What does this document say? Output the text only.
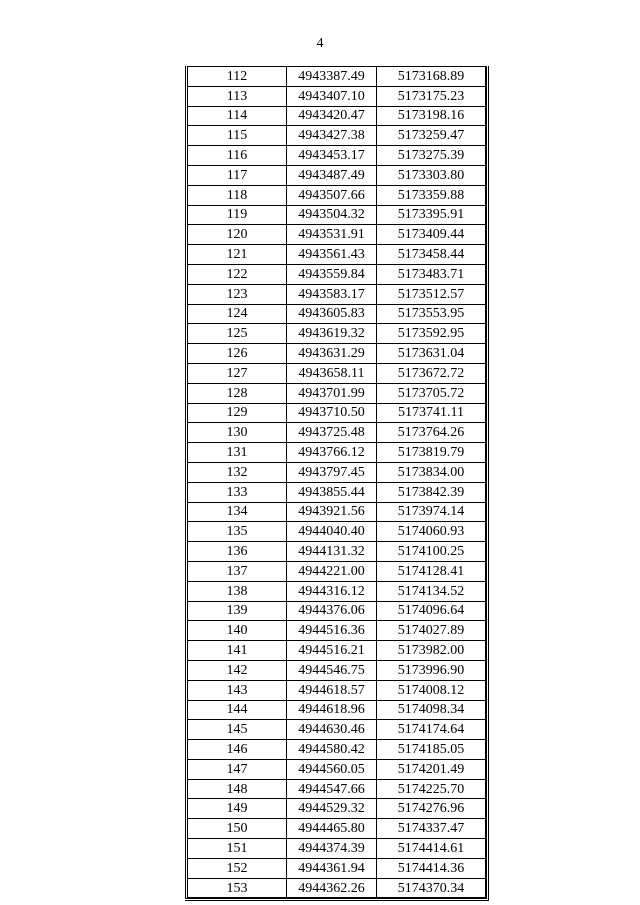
4
112	4943387.49	5173168.89
113	4943407.10	5173175.23
114	4943420.47	5173198.16
115	4943427.38	5173259.47
116	4943453.17	5173275.39
117	4943487.49	5173303.80
118	4943507.66	5173359.88
119	4943504.32	5173395.91
120	4943531.91	5173409.44
121	4943561.43	5173458.44
122	4943559.84	5173483.71
123	4943583.17	5173512.57
124	4943605.83	5173553.95
125	4943619.32	5173592.95
126	4943631.29	5173631.04
127	4943658.11	5173672.72
128	4943701.99	5173705.72
129	4943710.50	5173741.11
130	4943725.48	5173764.26
131	4943766.12	5173819.79
132	4943797.45	5173834.00
133	4943855.44	5173842.39
134	4943921.56	5173974.14
135	4944040.40	5174060.93
136	4944131.32	5174100.25
137	4944221.00	5174128.41
138	4944316.12	5174134.52
139	4944376.06	5174096.64
140	4944516.36	5174027.89
141	4944516.21	5173982.00
142	4944546.75	5173996.90
143	4944618.57	5174008.12
144	4944618.96	5174098.34
145	4944630.46	5174174.64
146	4944580.42	5174185.05
147	4944560.05	5174201.49
148	4944547.66	5174225.70
149	4944529.32	5174276.96
150	4944465.80	5174337.47
151	4944374.39	5174414.61
152	4944361.94	5174414.36
153	4944362.26	5174370.34
